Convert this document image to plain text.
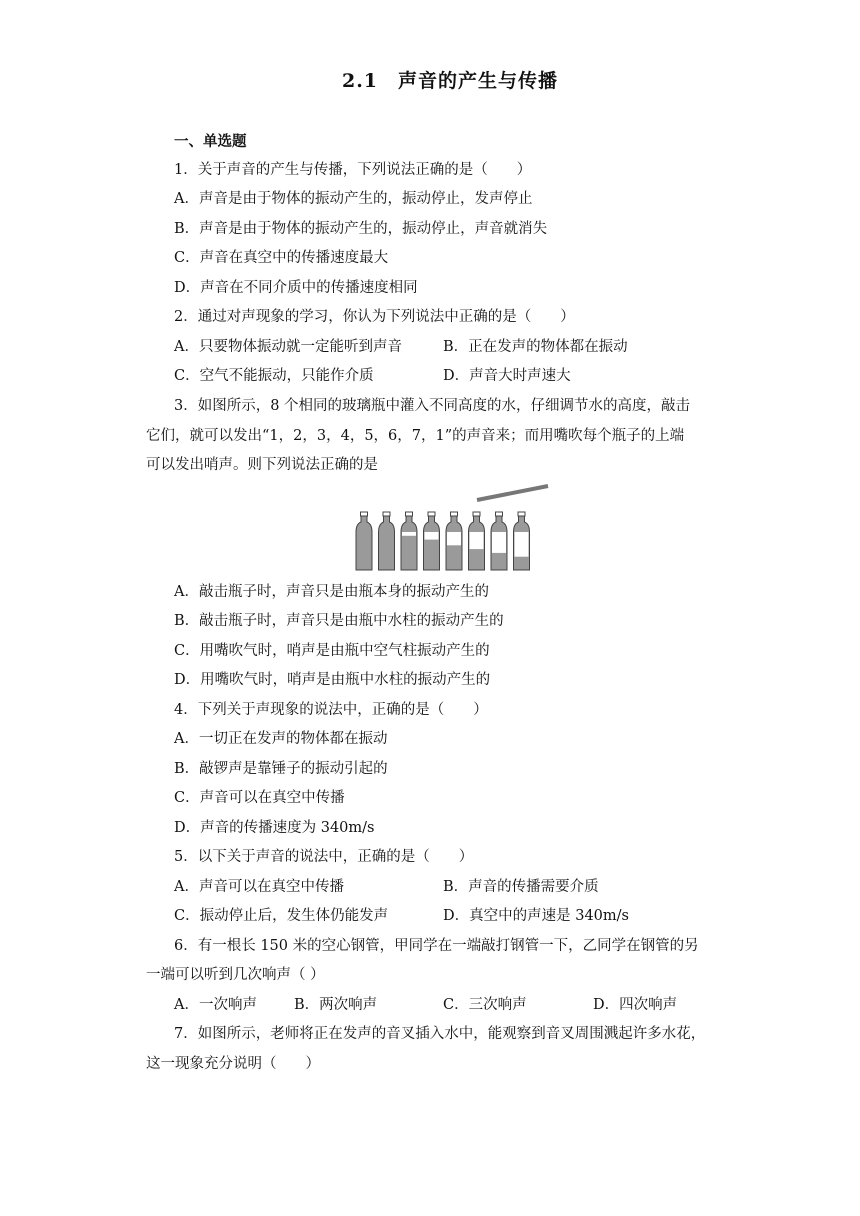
2.1　声音的产生与传播
一、单选题
1．关于声音的产生与传播，下列说法正确的是（　　）
A．声音是由于物体的振动产生的，振动停止，发声停止
B．声音是由于物体的振动产生的，振动停止，声音就消失
C．声音在真空中的传播速度最大
D．声音在不同介质中的传播速度相同
2．通过对声现象的学习，你认为下列说法中正确的是（　　）
A．只要物体振动就一定能听到声音	B．正在发声的物体都在振动
C．空气不能振动，只能作介质	D．声音大时声速大
3．如图所示，8 个相同的玻璃瓶中灌入不同高度的水，仔细调节水的高度，敲击
它们，就可以发出“1，2，3，4，5，6，7，1”的声音来；而用嘴吹每个瓶子的上端
可以发出哨声。则下列说法正确的是
A．敲击瓶子时，声音只是由瓶本身的振动产生的
B．敲击瓶子时，声音只是由瓶中水柱的振动产生的
C．用嘴吹气时，哨声是由瓶中空气柱振动产生的
D．用嘴吹气时，哨声是由瓶中水柱的振动产生的
4．下列关于声现象的说法中，正确的是（　　）
A．一切正在发声的物体都在振动
B．敲锣声是靠锤子的振动引起的
C．声音可以在真空中传播
D．声音的传播速度为 340m/s
5．以下关于声音的说法中，正确的是（　　）
A．声音可以在真空中传播	B．声音的传播需要介质
C．振动停止后，发生体仍能发声	D．真空中的声速是 340m/s
6．有一根长 150 米的空心钢管，甲同学在一端敲打钢管一下，乙同学在钢管的另
一端可以听到几次响声（ ）
A．一次响声	B．两次响声	C．三次响声	D．四次响声
7．如图所示，老师将正在发声的音叉插入水中，能观察到音叉周围溅起许多水花，
这一现象充分说明（　　）
